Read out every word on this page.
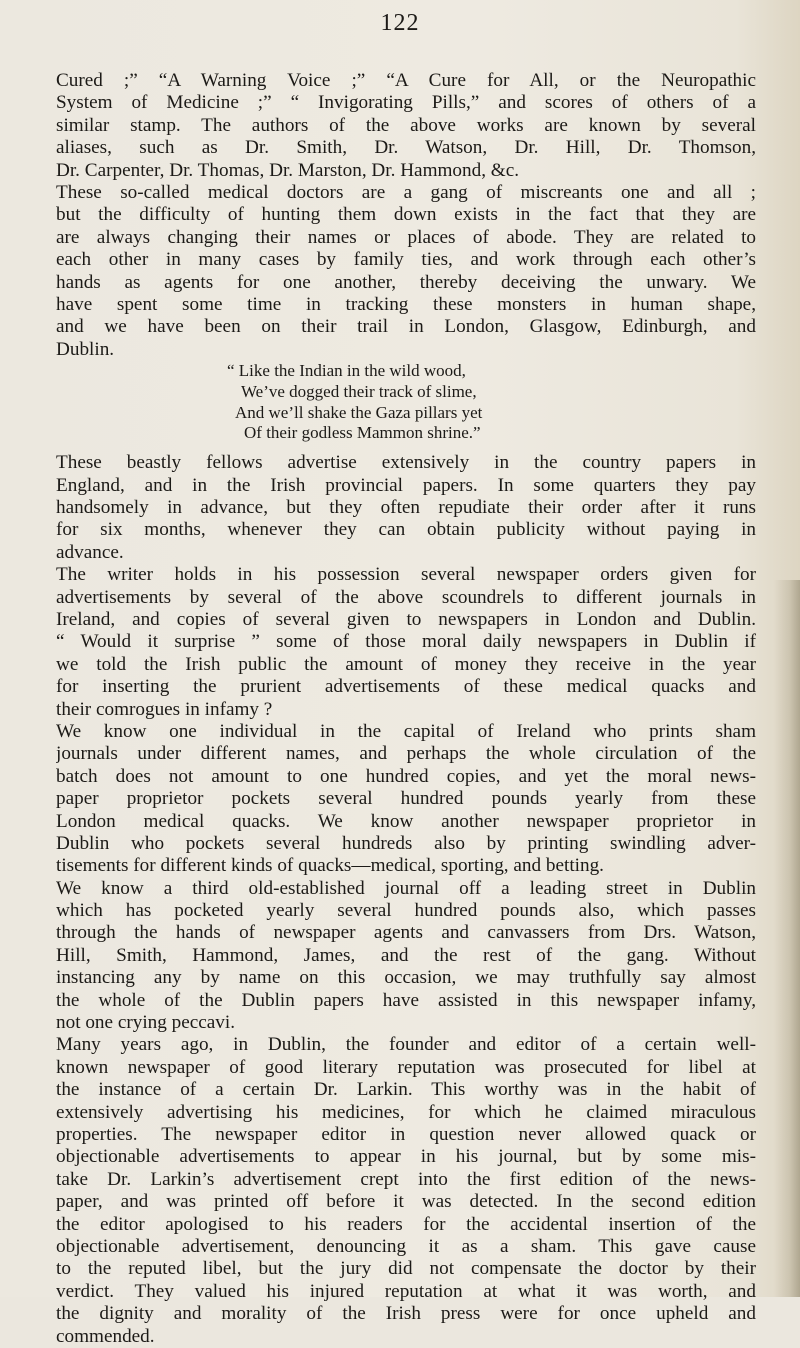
122
Cured ;” “A Warning Voice ;” “A Cure for All, or the Neuropathic
System of Medicine ;” “ Invigorating Pills,” and scores of others of a
similar stamp. The authors of the above works are known by several
aliases, such as Dr. Smith, Dr. Watson, Dr. Hill, Dr. Thomson,
Dr. Carpenter, Dr. Thomas, Dr. Marston, Dr. Hammond, &c.
These so-called medical doctors are a gang of miscreants one and all ;
but the difficulty of hunting them down exists in the fact that they are
are always changing their names or places of abode. They are related to
each other in many cases by family ties, and work through each other’s
hands as agents for one another, thereby deceiving the unwary. We
have spent some time in tracking these monsters in human shape,
and we have been on their trail in London, Glasgow, Edinburgh, and
Dublin.
“ Like the Indian in the wild wood,
We’ve dogged their track of slime,
And we’ll shake the Gaza pillars yet
Of their godless Mammon shrine.”
These beastly fellows advertise extensively in the country papers in
England, and in the Irish provincial papers. In some quarters they pay
handsomely in advance, but they often repudiate their order after it runs
for six months, whenever they can obtain publicity without paying in
advance.
The writer holds in his possession several newspaper orders given for
advertisements by several of the above scoundrels to different journals in
Ireland, and copies of several given to newspapers in London and Dublin.
“ Would it surprise ” some of those moral daily newspapers in Dublin if
we told the Irish public the amount of money they receive in the year
for inserting the prurient advertisements of these medical quacks and
their comrogues in infamy ?
We know one individual in the capital of Ireland who prints sham
journals under different names, and perhaps the whole circulation of the
batch does not amount to one hundred copies, and yet the moral news-
paper proprietor pockets several hundred pounds yearly from these
London medical quacks. We know another newspaper proprietor in
Dublin who pockets several hundreds also by printing swindling adver-
tisements for different kinds of quacks—medical, sporting, and betting.
We know a third old-established journal off a leading street in Dublin
which has pocketed yearly several hundred pounds also, which passes
through the hands of newspaper agents and canvassers from Drs. Watson,
Hill, Smith, Hammond, James, and the rest of the gang. Without
instancing any by name on this occasion, we may truthfully say almost
the whole of the Dublin papers have assisted in this newspaper infamy,
not one crying peccavi.
Many years ago, in Dublin, the founder and editor of a certain well-
known newspaper of good literary reputation was prosecuted for libel at
the instance of a certain Dr. Larkin. This worthy was in the habit of
extensively advertising his medicines, for which he claimed miraculous
properties. The newspaper editor in question never allowed quack or
objectionable advertisements to appear in his journal, but by some mis-
take Dr. Larkin’s advertisement crept into the first edition of the news-
paper, and was printed off before it was detected. In the second edition
the editor apologised to his readers for the accidental insertion of the
objectionable advertisement, denouncing it as a sham. This gave cause
to the reputed libel, but the jury did not compensate the doctor by their
verdict. They valued his injured reputation at what it was worth, and
the dignity and morality of the Irish press were for once upheld and
commended.
